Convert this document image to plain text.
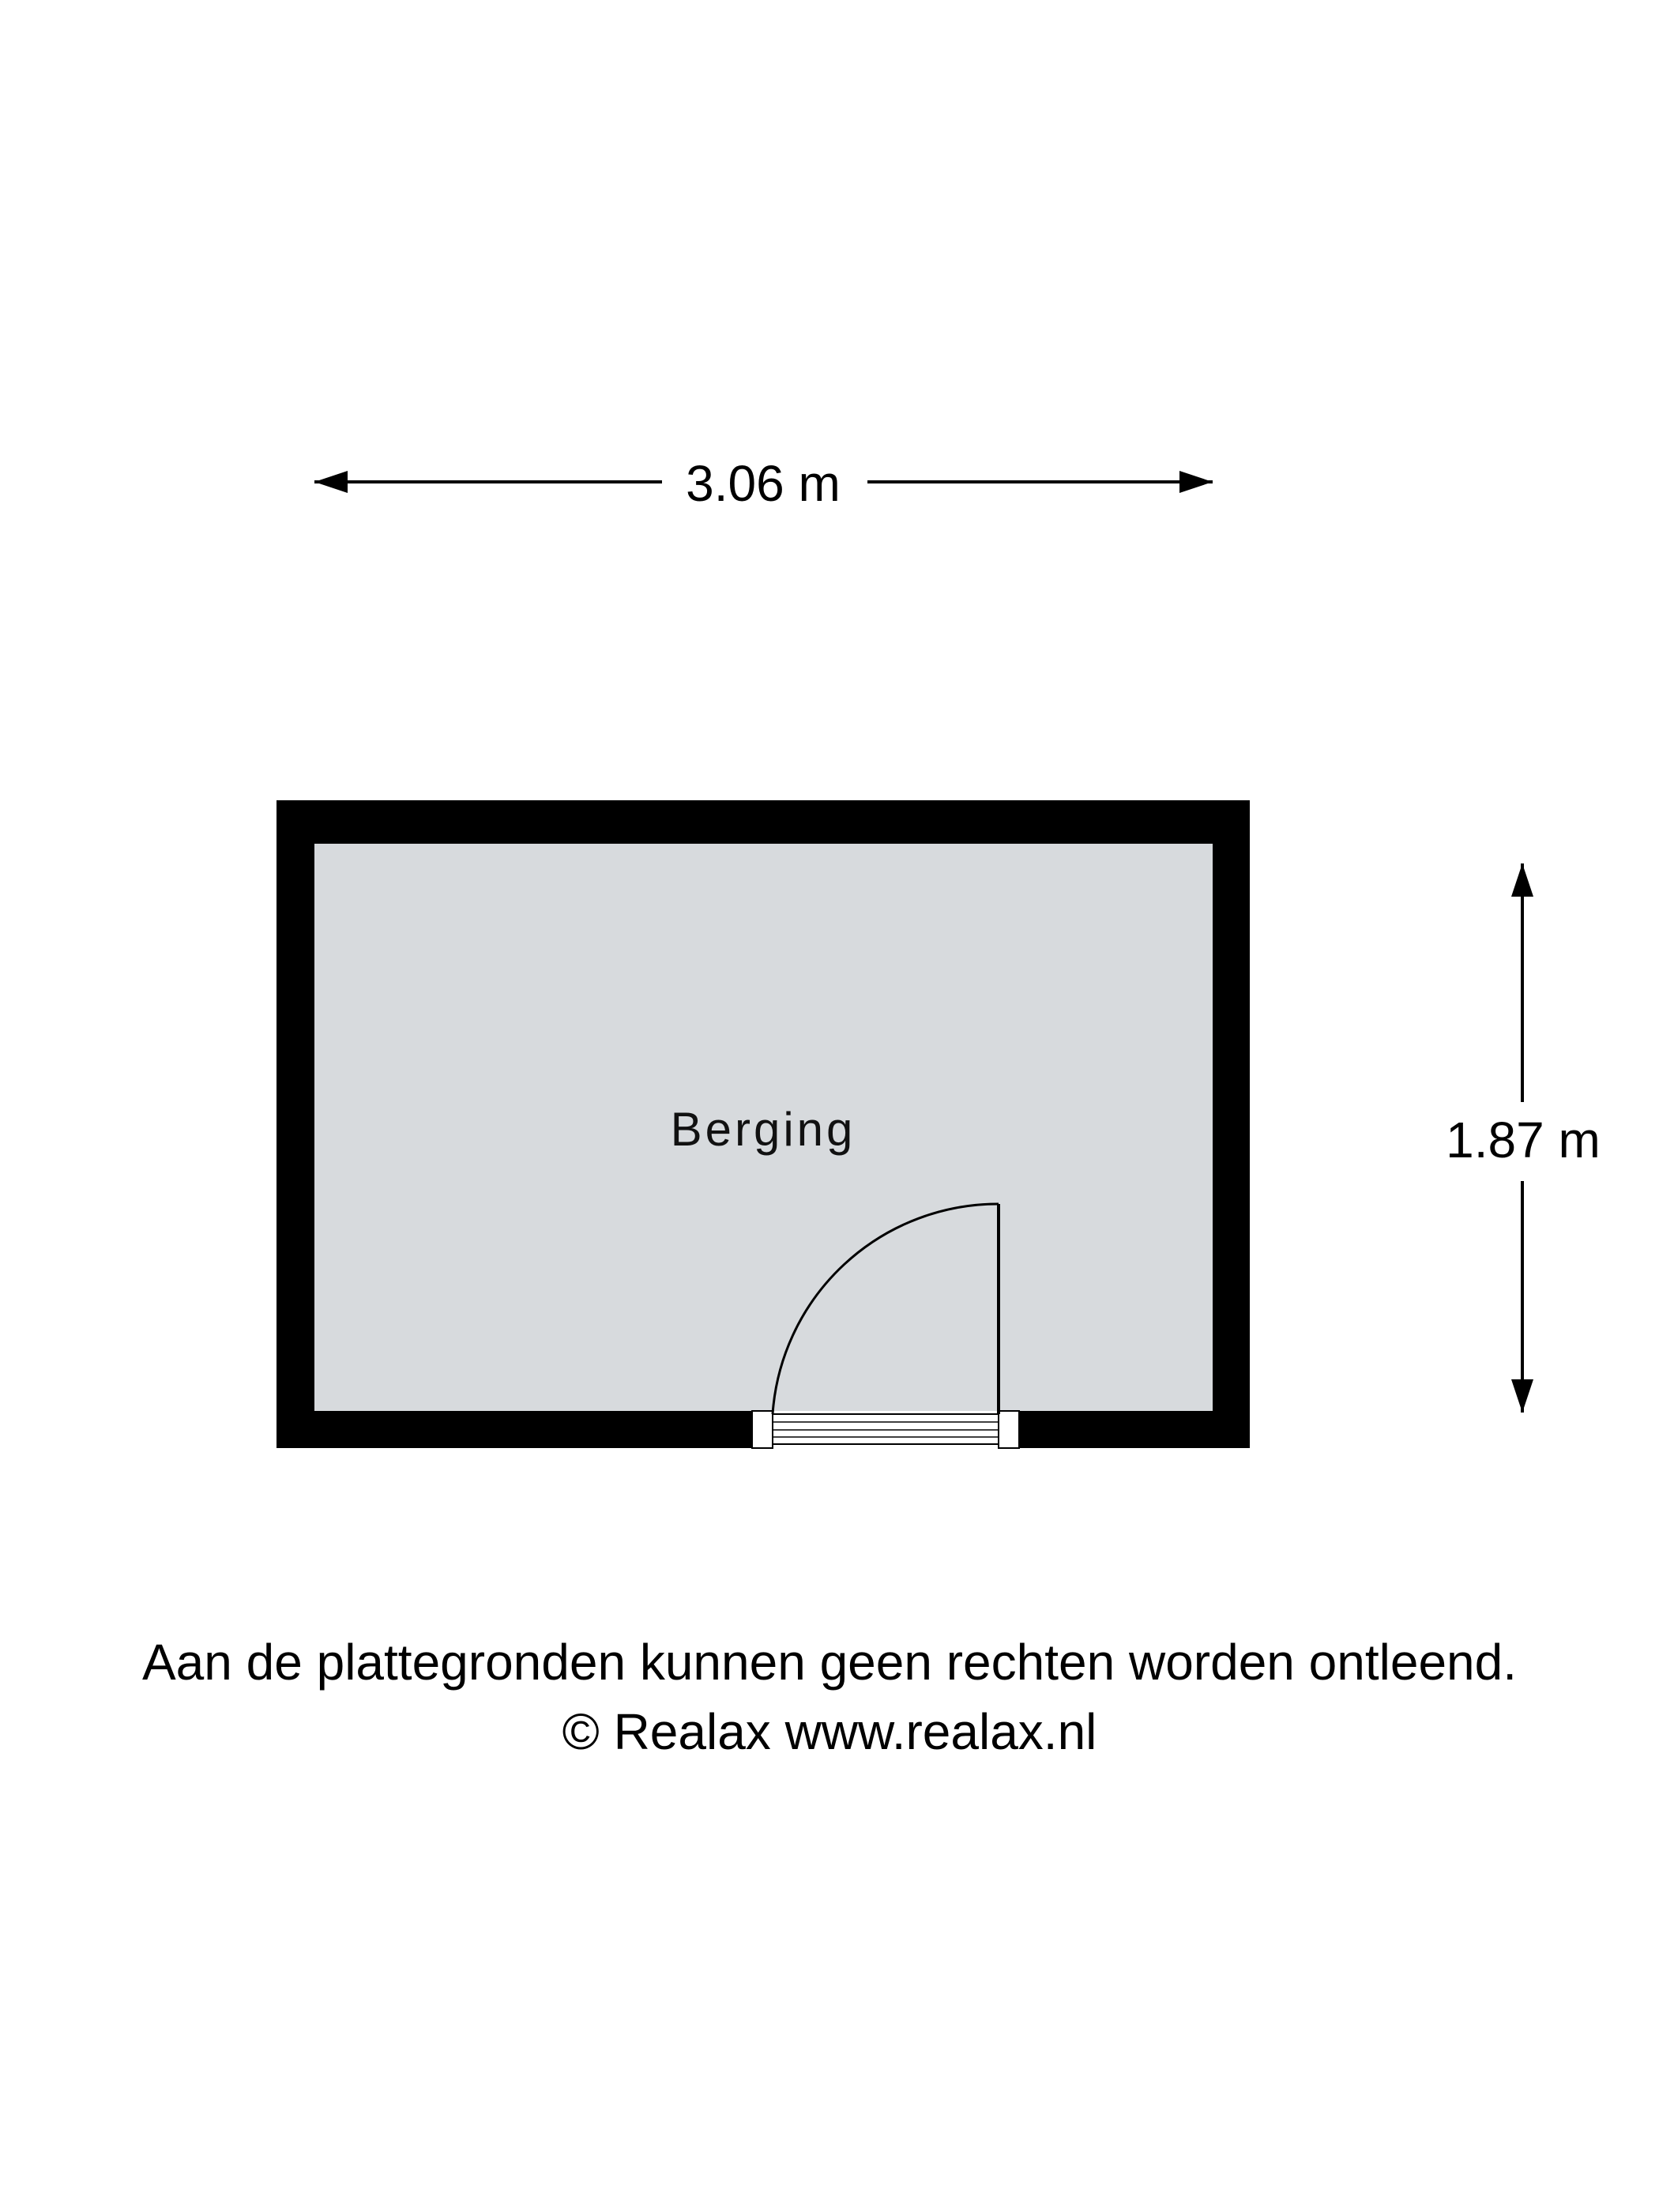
3.06 m
Berging	1.87 m
Aan de plattegronden kunnen geen rechten worden ontleend.
© Realax www.realax.nl
